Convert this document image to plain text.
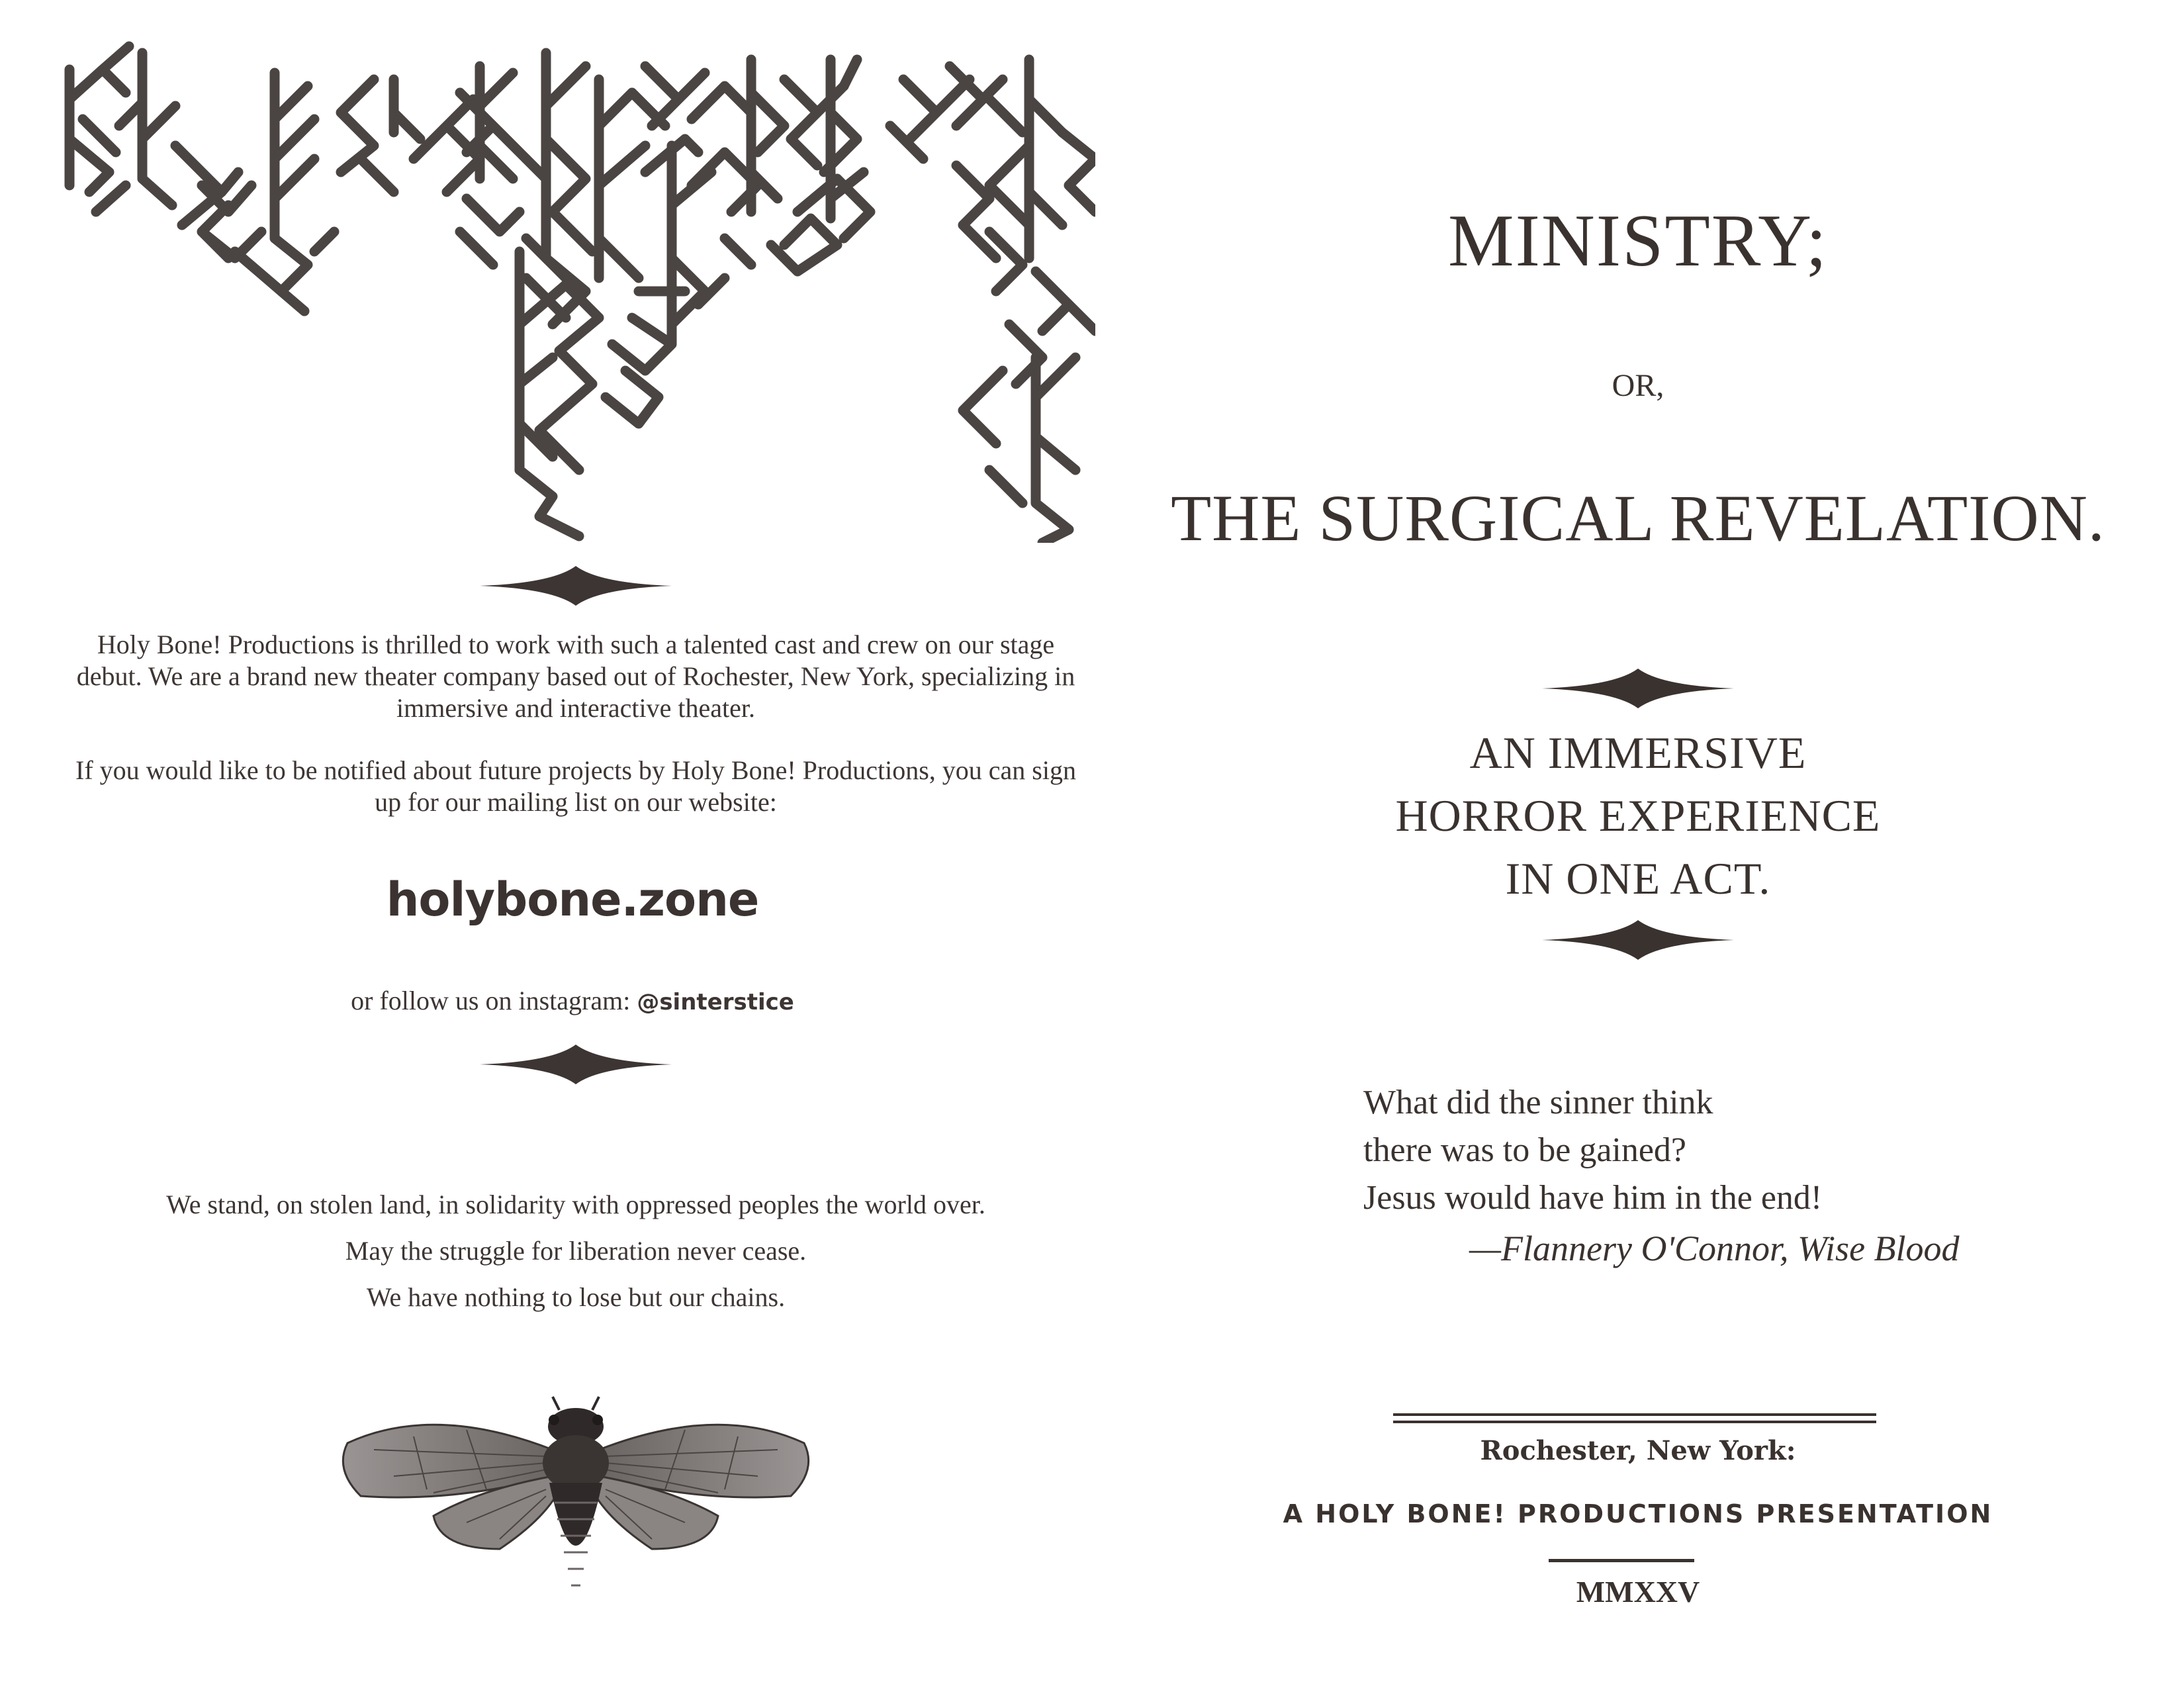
Holy Bone! Productions is thrilled to work with such a talented cast and crew on our stage debut. We are a brand new theater company based out of Rochester, New York, specializing in immersive and interactive theater.

If you would like to be notified about future projects by Holy Bone! Productions, you can sign up for our mailing list on our website:

holybone.zone
or follow us on instagram: @sinterstice
We stand, on stolen land, in solidarity with oppressed peoples the world over.
May the struggle for liberation never cease.
We have nothing to lose but our chains.
MINISTRY;
OR,
THE SURGICAL REVELATION.
AN IMMERSIVE
HORROR EXPERIENCE
IN ONE ACT.
What did the sinner think
there was to be gained?
Jesus would have him in the end!
—Flannery O'Connor, Wise Blood
Rochester, New York:
A HOLY BONE! PRODUCTIONS PRESENTATION
MMXXV
